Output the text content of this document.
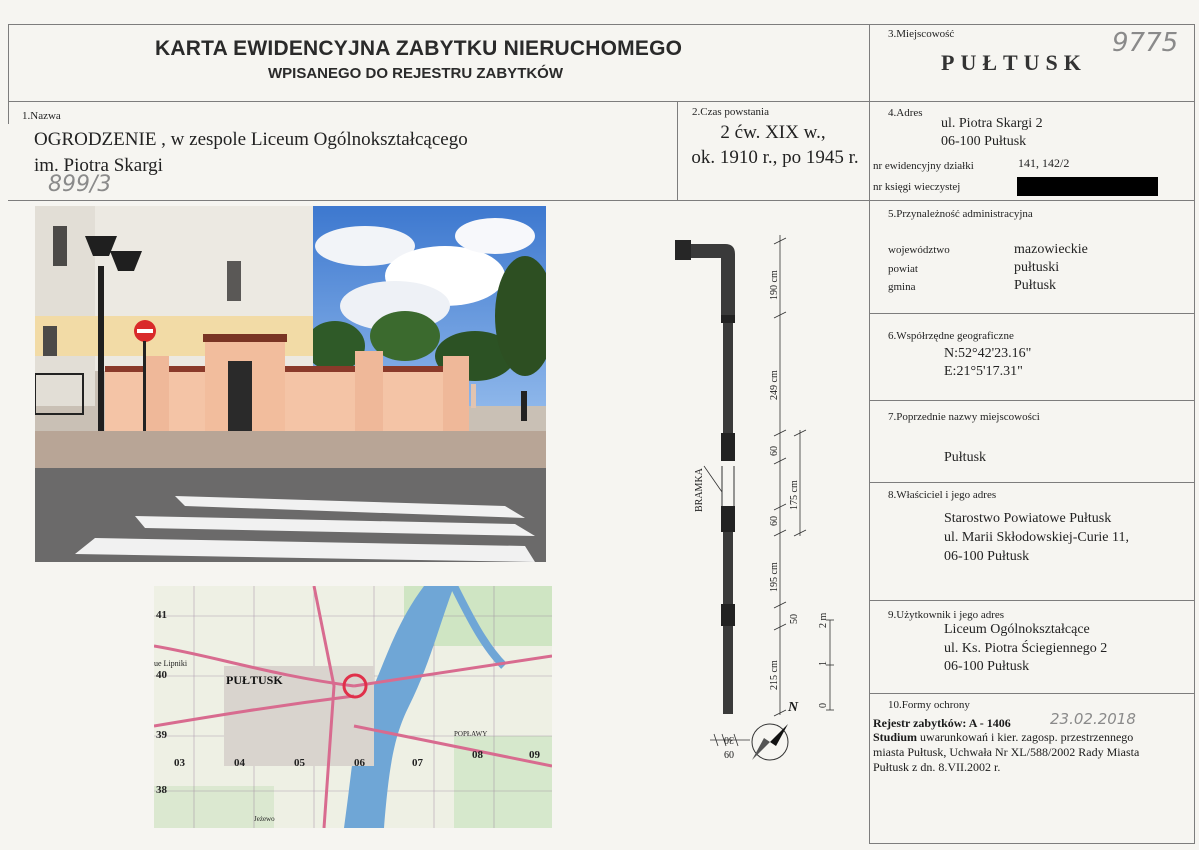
KARTA EWIDENCYJNA ZABYTKU NIERUCHOMEGO
WPISANEGO DO REJESTRU ZABYTKÓW
3.Miejscowość
PUŁTUSK
9775
1.Nazwa
OGRODZENIE , w zespole Liceum Ogólnokształcącego
im. Piotra Skargi
899/3
2.Czas powstania
2 ćw. XIX w.,
ok. 1910 r., po 1945 r.
4.Adres
ul. Piotra Skargi 2
06-100 Pułtusk
nr ewidencyjny działki	141, 142/2
nr księgi wieczystej
5.Przynależność administracyjna
województwo	mazowieckie
powiat	pułtuski
gmina	Pułtusk
6.Współrzędne geograficzne
N:52°42'23.16"
E:21°5'17.31"
7.Poprzednie nazwy miejscowości
Pułtusk
8.Właściciel i jego adres
Starostwo Powiatowe Pułtusk
ul. Marii Skłodowskiej-Curie 11,
06-100 Pułtusk
9.Użytkownik i jego adres
Liceum Ogólnokształcące
ul. Ks. Piotra Ściegiennego 2
06-100 Pułtusk
10.Formy ochrony
Rejestr zabytków: A - 1406	23.02.2018
Studium uwarunkowań i kier. zagosp. przestrzennego
miasta Pułtusk, Uchwała Nr XL/588/2002 Rady Miasta
Pułtusk z dn. 8.VII.2002 r.
41
40
39
38
03	04	05	06	07
08	09
PUŁTUSK
ue Lipniki
POPŁAWY
Jeżewo
190 cm
249 cm
60
175 cm
60
195 cm
50
215 cm
BRAMKA
0
1
2 m
30
60
N
